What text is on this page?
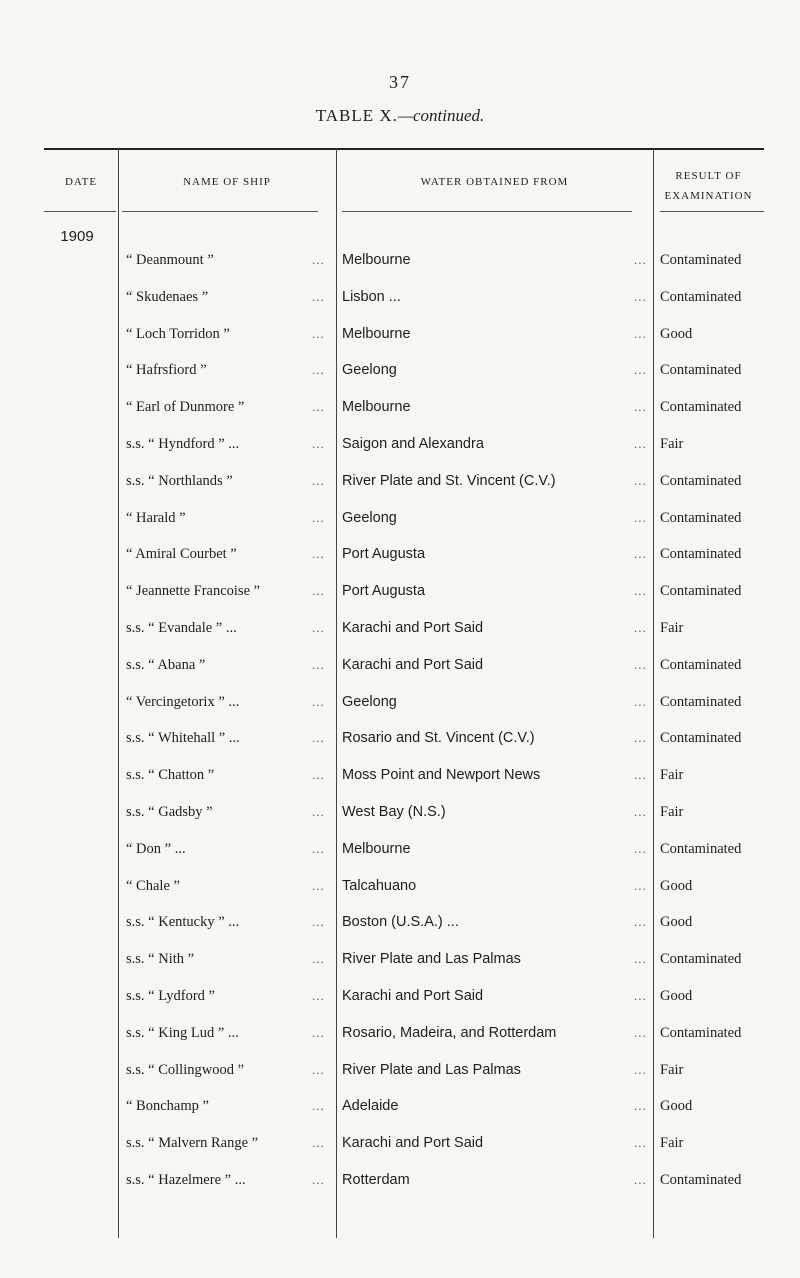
37
TABLE X.—continued.
DATE	NAME OF SHIP	WATER OBTAINED FROM	RESULT OF
EXAMINATION
1909
“ Deanmount ”	... Melbourne	... Contaminated
“ Skudenaes ”	... Lisbon ...	... Contaminated
“ Loch Torridon ”	... Melbourne	... Good
“ Hafrsfiord ”	... Geelong	... Contaminated
“ Earl of Dunmore ”	... Melbourne	... Contaminated
s.s. “ Hyndford ” ...	... Saigon and Alexandra	... Fair
s.s. “ Northlands ”	... River Plate and St. Vincent (C.V.)	... Contaminated
“ Harald ”	... Geelong	... Contaminated
“ Amiral Courbet ”	... Port Augusta	... Contaminated
“ Jeannette Francoise ”	... Port Augusta	... Contaminated
s.s. “ Evandale ” ...	... Karachi and Port Said	... Fair
s.s. “ Abana ”	... Karachi and Port Said	... Contaminated
“ Vercingetorix ” ...	... Geelong	... Contaminated
s.s. “ Whitehall ” ...	... Rosario and St. Vincent (C.V.)	... Contaminated
s.s. “ Chatton ”	... Moss Point and Newport News	... Fair
s.s. “ Gadsby ”	... West Bay (N.S.)	... Fair
“ Don ” ...	... Melbourne	... Contaminated
“ Chale ”	... Talcahuano	... Good
s.s. “ Kentucky ” ...	... Boston (U.S.A.) ...	... Good
s.s. “ Nith ”	... River Plate and Las Palmas	... Contaminated
s.s. “ Lydford ”	... Karachi and Port Said	... Good
s.s. “ King Lud ” ...	... Rosario, Madeira, and Rotterdam	... Contaminated
s.s. “ Collingwood ”	... River Plate and Las Palmas	... Fair
“ Bonchamp ”	... Adelaide	... Good
s.s. “ Malvern Range ”	... Karachi and Port Said	... Fair
s.s. “ Hazelmere ” ...	... Rotterdam	... Contaminated
